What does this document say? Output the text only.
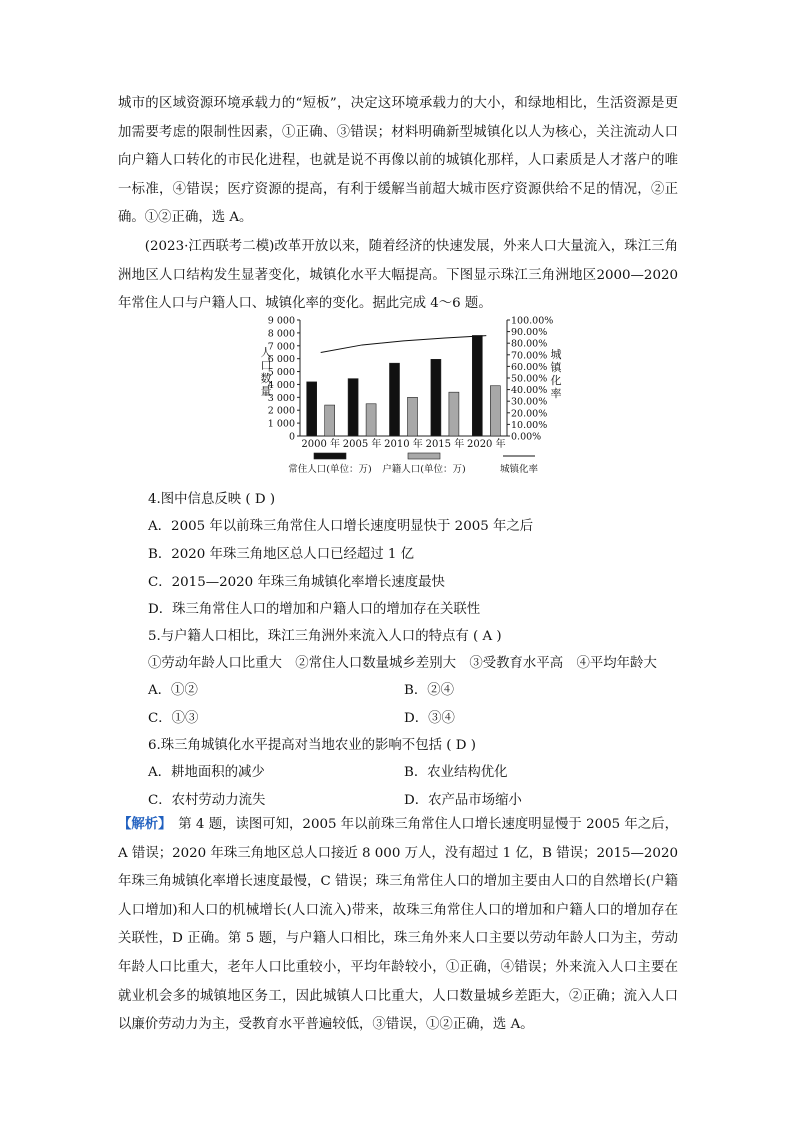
城市的区域资源环境承载力的“短板”，决定这环境承载力的大小，和绿地相比，生活资源是更加需要考虑的限制性因素，①正确、③错误；材料明确新型城镇化以人为核心，关注流动人口向户籍人口转化的市民化进程，也就是说不再像以前的城镇化那样，人口素质是人才落户的唯一标准，④错误；医疗资源的提高，有利于缓解当前超大城市医疗资源供给不足的情况，②正确。①②正确，选 A。

(2023·江西联考二模)改革开放以来，随着经济的快速发展，外来人口大量流入，珠江三角洲地区人口结构发生显著变化，城镇化水平大幅提高。下图显示珠江三角洲地区2000—2020 年常住人口与户籍人口、城镇化率的变化。据此完成 4～6 题。

0
1 000
2 000
3 000
4 000
5 000
6 000
7 000
8 000
9 000
0.00%
10.00%
20.00%
30.00%
40.00%
50.00%
60.00%
70.00%
80.00%
90.00%
100.00%
人口数量
城镇化率
2000 年 2005 年 2010 年 2015 年 2020 年
常住人口(单位：万) 户籍人口(单位：万)	城镇化率
4.图中信息反映 ( D )
A．2005 年以前珠三角常住人口增长速度明显快于 2005 年之后
B．2020 年珠三角地区总人口已经超过 1 亿
C．2015—2020 年珠三角城镇化率增长速度最快
D．珠三角常住人口的增加和户籍人口的增加存在关联性
5.与户籍人口相比，珠江三角洲外来流入人口的特点有 ( A )
①劳动年龄人口比重大　②常住人口数量城乡差别大　③受教育水平高　④平均年龄大
A．①②	B．②④
C．①③	D．③④
6.珠三角城镇化水平提高对当地农业的影响不包括 ( D )
A．耕地面积的减少	B．农业结构优化
C．农村劳动力流失	D．农产品市场缩小

【解析】　第 4 题，读图可知，2005 年以前珠三角常住人口增长速度明显慢于 2005 年之后，A 错误；2020 年珠三角地区总人口接近 8 000 万人，没有超过 1 亿，B 错误；2015—2020 年珠三角城镇化率增长速度最慢，C 错误；珠三角常住人口的增加主要由人口的自然增长(户籍人口增加)和人口的机械增长(人口流入)带来，故珠三角常住人口的增加和户籍人口的增加存在关联性，D 正确。第 5 题，与户籍人口相比，珠三角外来人口主要以劳动年龄人口为主，劳动年龄人口比重大，老年人口比重较小，平均年龄较小，①正确，④错误；外来流入人口主要在就业机会多的城镇地区务工，因此城镇人口比重大，人口数量城乡差距大，②正确；流入人口以廉价劳动力为主，受教育水平普遍较低，③错误，①②正确，选 A。
